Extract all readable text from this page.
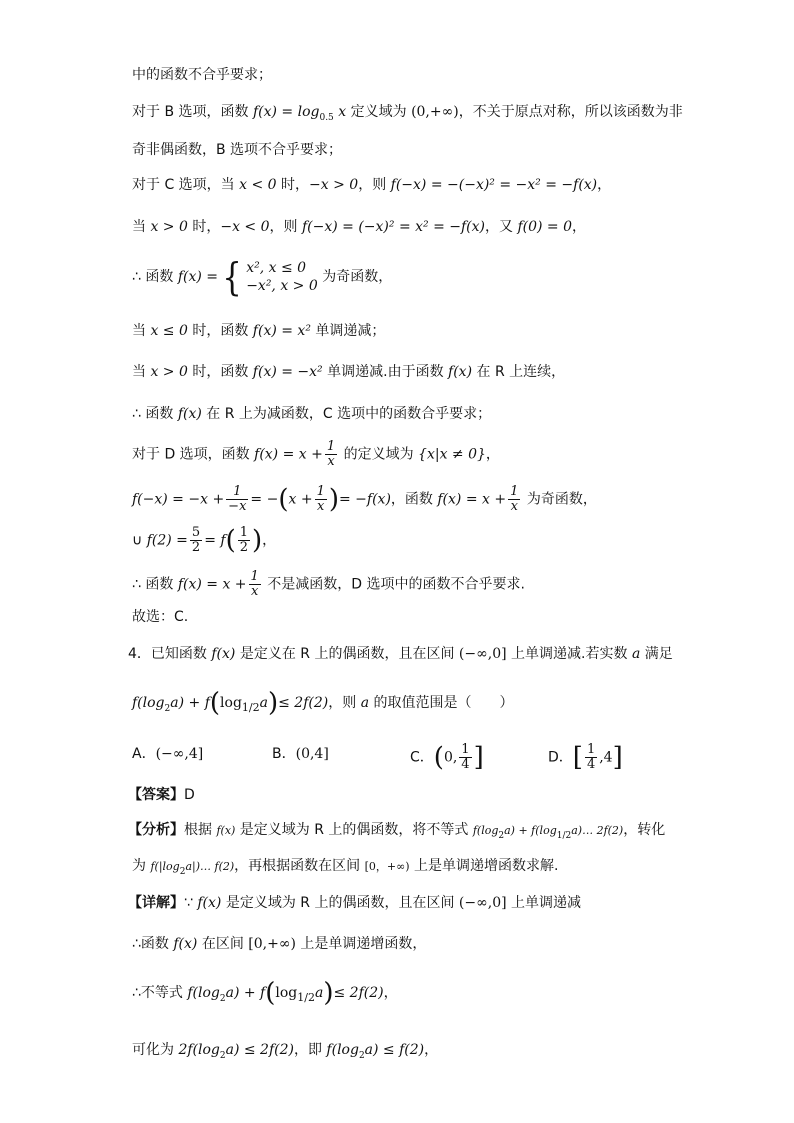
中的函数不合乎要求；
对于 B 选项，函数 $f(x) = \log_{0.5} x$ 定义域为 (0,+∞)，不关于原点对称，所以该函数为非
奇非偶函数，B 选项不合乎要求；
对于 C 选项，当 x < 0 时，−x > 0，则 f(−x) = −(−x)² = −x² = −f(x)，
当 x > 0 时，−x < 0，则 f(−x) = (−x)² = x² = −f(x)，又 f(0) = 0，
∴ 函数 f(x) = { x², x ≤ 0
−x², x > 0
为奇函数，
当 x ≤ 0 时，函数 f(x) = x² 单调递减；
当 x > 0 时，函数 f(x) = −x² 单调递减.由于函数 f(x) 在 R 上连续，
∴ 函数 f(x) 在 R 上为减函数，C 选项中的函数合乎要求；
对于 D 选项，函数 $f(x) = x + \frac{1}{x}$ 的定义域为 {x|x ≠ 0}，
$f(-x) = -x + \frac{1}{-x} = -(x + \frac{1}{x}$ )= −f(x)，函数 $f(x) = x + \frac{1}{x}$ 为奇函数，
∪ $f(2) = \frac{5}{2} = f( \frac{1}{2}$ )，
∴ 函数 $f(x) = x + \frac{1}{x}$ 不是减函数，D 选项中的函数不合乎要求.
故选：C.
4．已知函数 f(x) 是定义在 R 上的偶函数，且在区间 (−∞,0] 上单调递减.若实数 a 满足
$f(\log_2a) + f(\log_{1/2}a)\le 2f(2)$，则 a 的取值范围是（　　）
A．(−∞,4]	B．(0,4]	C．(0, $\frac{1}{4}$ ]	D．[ $\frac{1}{4} ,4$]
【答案】D
【分析】根据 f(x) 是定义域为 R 上的偶函数，将不等式 $f(\log_2a)$ + $f(\log_{1/2}a)\dots$ 2f(2)，转化
为 $f(|\log_2a|)\dots$ f(2)，再根据函数在区间 [0，+∞) 上是单调递增函数求解.
【详解】∵ f(x) 是定义域为 R 上的偶函数，且在区间 (−∞,0] 上单调递减
∴函数 f(x) 在区间 [0,+∞) 上是单调递增函数，
∴不等式 $f(\log_2a) + f(\log_{1/2}a)\le 2f(2)$，
可化为 $2f(\log_2a) \le 2f(2)$，即 $f(\log_2a) \le f(2)$，
